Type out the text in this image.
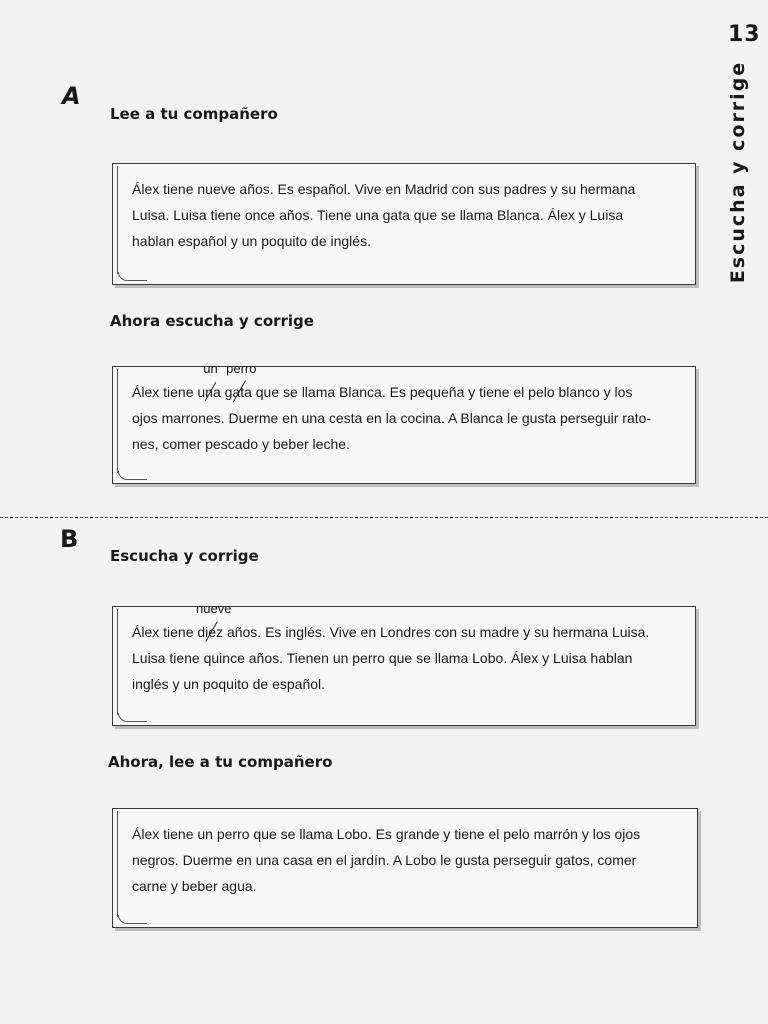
13
Escucha y corrige
A
Lee a tu compañero

Álex tiene nueve años. Es español. Vive en Madrid con sus padres y su hermana
Luisa. Luisa tiene once años. Tiene una gata que se llama Blanca. Álex y Luisa
hablan español y un poquito de inglés.

Ahora escucha y corrige

Álex tiene una
un
gata
perro
que se llama Blanca. Es pequeña y tiene el pelo blanco y los
ojos marrones. Duerme en una cesta en la cocina. A Blanca le gusta perseguir rato-
nes, comer pescado y beber leche.

B
Escucha y corrige

Álex tiene diez
nueve
años. Es inglés. Vive en Londres con su madre y su hermana Luisa.
Luisa tiene quince años. Tienen un perro que se llama Lobo. Álex y Luisa hablan
inglés y un poquito de español.

Ahora, lee a tu compañero

Álex tiene un perro que se llama Lobo. Es grande y tiene el pelo marrón y los ojos
negros. Duerme en una casa en el jardín. A Lobo le gusta perseguir gatos, comer
carne y beber agua.
